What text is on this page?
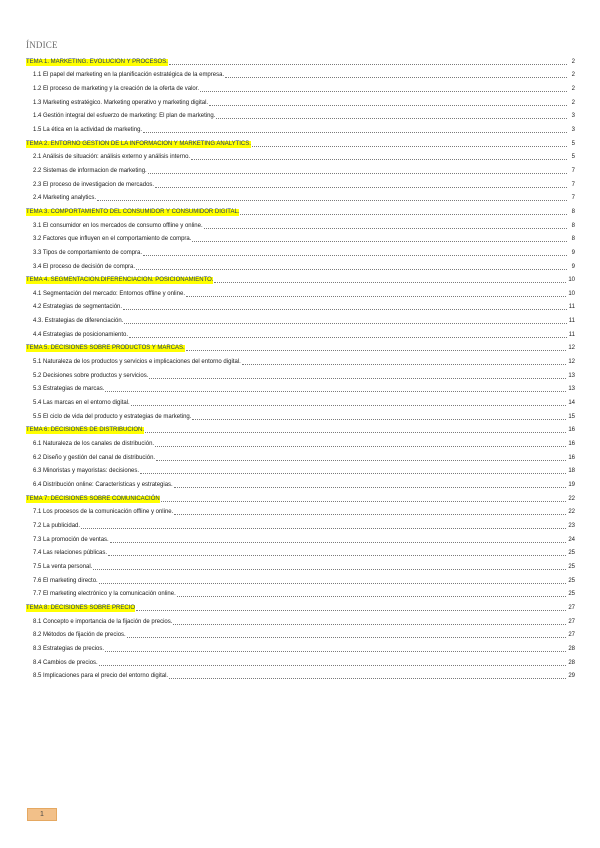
ÍNDICE
TEMA 1. MARKETING. EVOLUCION Y PROCESOS.	2
1.1 El papel del marketing en la planificación estratégica de la empresa.	2
1.2 El proceso de marketing y la creación de la oferta de valor.	2
1.3 Marketing estratégico. Marketing operativo y marketing digital.	2
1.4 Gestión integral del esfuerzo de marketing: El plan de marketing.	3
1.5 La ética en la actividad de marketing.	3
TEMA 2. ENTORNO GESTION DE LA INFORMACION Y MARKETING ANALYTICS.	5
2.1 Análisis de situación: análisis externo y análisis interno.	5
2.2 Sistemas de informacion de marketing.	7
2.3 El proceso de investigacion de mercados.	7
2.4 Marketing analytics.	7
TEMA 3. COMPORTAMIENTO DEL CONSUMIDOR Y CONSUMIDOR DIGITAL.	8
3.1 El consumidor en los mercados de consumo offline y online.	8
3.2 Factores que influyen en el comportamiento de compra.	8
3.3 Tipos de comportamiento de compra.	9
3.4 El proceso de decisión de compra.	9
TEMA 4. SEGMENTACION.DIFERENCIACION. POSICIONAMIENTO.	10
4.1 Segmentación del mercado: Entornos offline y online.	10
4.2 Estrategias de segmentación.	11
4.3. Estrategias de diferenciación.	11
4.4 Estrategias de posicionamiento.	11
TEMA 5. DECISIONES SOBRE PRODUCTOS Y MARCAS.	12
5.1 Naturaleza de los productos y servicios e implicaciones del entorno digital.	12
5.2 Decisiones sobre productos y servicios.	13
5.3 Estrategias de marcas.	13
5.4 Las marcas en el entorno digital.	14
5.5 El ciclo de vida del producto y estrategias de marketing.	15
TEMA 6: DECISIONES DE DISTRIBUCION.	16
6.1 Naturaleza de los canales de distribución.	16
6.2 Diseño y gestión del canal de distribución.	16
6.3 Minoristas y mayoristas: decisiones.	18
6.4 Distribución online: Características y estrategias.	19
TEMA 7: DECISIONES SOBRE COMUNICACIÓN	22
7.1 Los procesos de la comunicación offline y online.	22
7.2 La publicidad.	23
7.3 La promoción de ventas.	24
7.4 Las relaciones públicas.	25
7.5 La venta personal.	25
7.6 El marketing directo.	25
7.7 El marketing electrónico y la comunicación online.	25
TEMA 8: DECISIONES SOBRE PRECIO	27
8.1 Concepto e importancia de la fijación de precios.	27
8.2 Métodos de fijación de precios.	27
8.3 Estrategias de precios.	28
8.4 Cambios de precios.	28
8.5 Implicaciones para el precio del entorno digital.	29
1
